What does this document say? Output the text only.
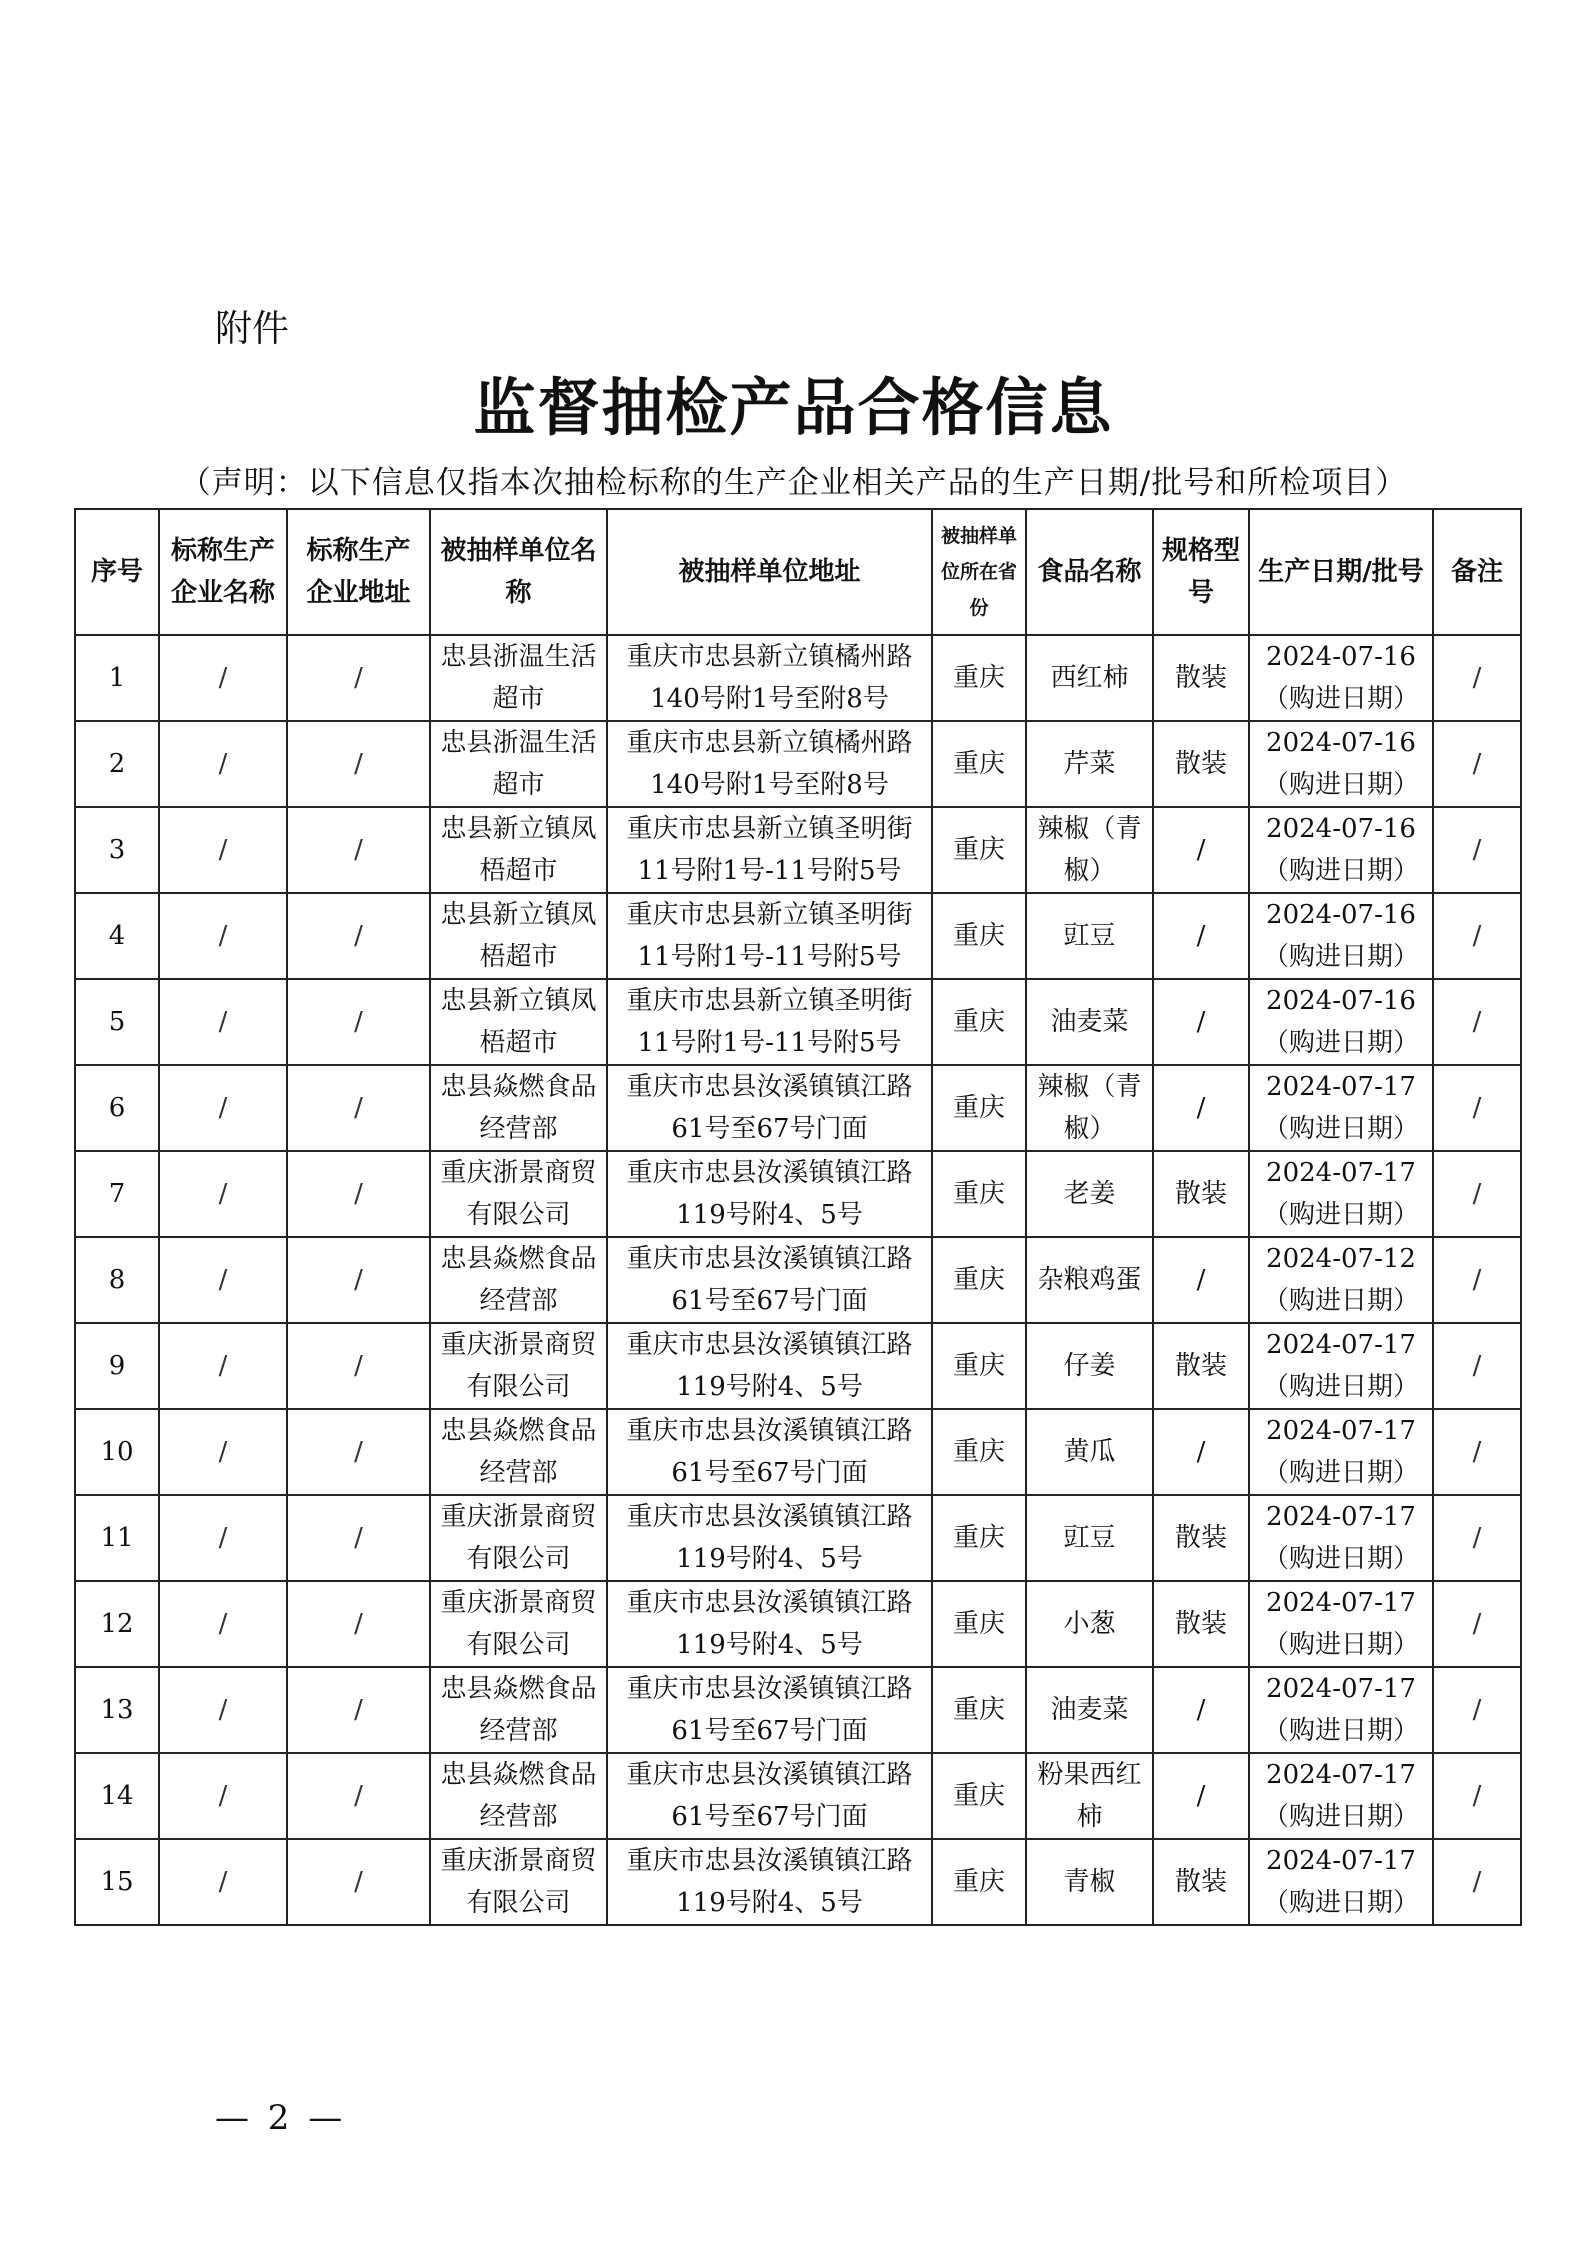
附件
监督抽检产品合格信息
（声明：以下信息仅指本次抽检标称的生产企业相关产品的生产日期/批号和所检项目）
序号	标称生产企业名称	标称生产企业地址	被抽样单位名称	被抽样单位地址	被抽样单位所在省份	食品名称	规格型号	生产日期/批号	备注
1	/	/	忠县浙温生活超市	重庆市忠县新立镇橘州路140号附1号至附8号	重庆	西红柿	散装	2024-07-16（购进日期）	/
2	/	/	忠县浙温生活超市	重庆市忠县新立镇橘州路140号附1号至附8号	重庆	芹菜	散装	2024-07-16（购进日期）	/
3	/	/	忠县新立镇凤梧超市	重庆市忠县新立镇圣明街11号附1号-11号附5号	重庆	辣椒（青椒）	/	2024-07-16（购进日期）	/
4	/	/	忠县新立镇凤梧超市	重庆市忠县新立镇圣明街11号附1号-11号附5号	重庆	豇豆	/	2024-07-16（购进日期）	/
5	/	/	忠县新立镇凤梧超市	重庆市忠县新立镇圣明街11号附1号-11号附5号	重庆	油麦菜	/	2024-07-16（购进日期）	/
6	/	/	忠县焱燃食品经营部	重庆市忠县汝溪镇镇江路61号至67号门面	重庆	辣椒（青椒）	/	2024-07-17（购进日期）	/
7	/	/	重庆浙景商贸有限公司	重庆市忠县汝溪镇镇江路119号附4、5号	重庆	老姜	散装	2024-07-17（购进日期）	/
8	/	/	忠县焱燃食品经营部	重庆市忠县汝溪镇镇江路61号至67号门面	重庆	杂粮鸡蛋	/	2024-07-12（购进日期）	/
9	/	/	重庆浙景商贸有限公司	重庆市忠县汝溪镇镇江路119号附4、5号	重庆	仔姜	散装	2024-07-17（购进日期）	/
10	/	/	忠县焱燃食品经营部	重庆市忠县汝溪镇镇江路61号至67号门面	重庆	黄瓜	/	2024-07-17（购进日期）	/
11	/	/	重庆浙景商贸有限公司	重庆市忠县汝溪镇镇江路119号附4、5号	重庆	豇豆	散装	2024-07-17（购进日期）	/
12	/	/	重庆浙景商贸有限公司	重庆市忠县汝溪镇镇江路119号附4、5号	重庆	小葱	散装	2024-07-17（购进日期）	/
13	/	/	忠县焱燃食品经营部	重庆市忠县汝溪镇镇江路61号至67号门面	重庆	油麦菜	/	2024-07-17（购进日期）	/
14	/	/	忠县焱燃食品经营部	重庆市忠县汝溪镇镇江路61号至67号门面	重庆	粉果西红柿	/	2024-07-17（购进日期）	/
15	/	/	重庆浙景商贸有限公司	重庆市忠县汝溪镇镇江路119号附4、5号	重庆	青椒	散装	2024-07-17（购进日期）	/
— 2 —
